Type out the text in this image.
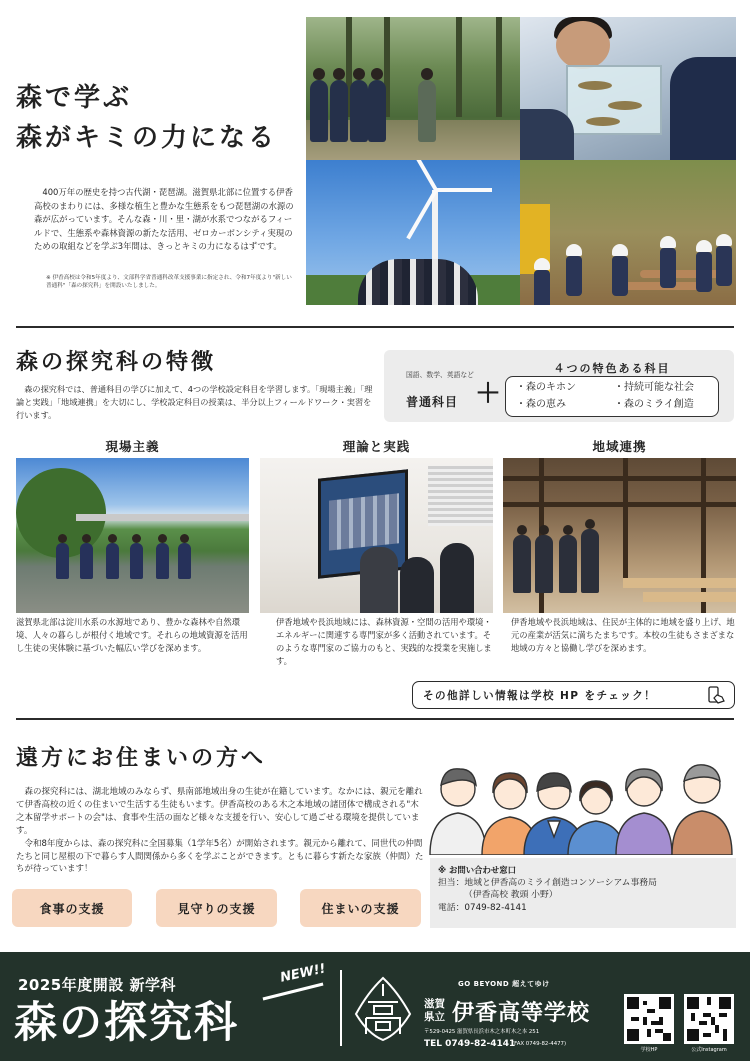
森で学ぶ
森がキミの力になる

400万年の歴史を持つ古代湖・琵琶湖。滋賀県北部に位置する伊香高校のまわりには、多様な植生と豊かな生態系をもつ琵琶湖の水源の森が広がっています。そんな森・川・里・湖が水系でつながるフィールドで、生態系や森林資源の新たな活用、ゼロカーボンシティ実現のための取組などを学ぶ3年間は、きっとキミの力になるはずです。

※ 伊香高校は令和5年度より、文部科学省普通科改革支援事業に指定され、令和7年度より"新しい普通科"「森の探究科」を開設いたしました。

森の探究科の特徴

森の探究科では、普通科目の学びに加えて、4つの学校設定科目を学習します。「現場主義」「理論と実践」「地域連携」を大切にし、学校設定科目の授業は、半分以上フィールドワーク・実習を行います。

国語、数学、英語など
普通科目 ＋
４つの特色ある科目
・森のキホン	・持続可能な社会
・森の恵み	・森のミライ創造
現場主義	理論と実践	地域連携

滋賀県北部は淀川水系の水源地であり、豊かな森林や自然環境、人々の暮らしが根付く地域です。それらの地域資源を活用し生徒の実体験に基づいた幅広い学びを深めます。

伊香地域や長浜地域には、森林資源・空間の活用や環境・エネルギーに関連する専門家が多く活動されています。そのような専門家のご協力のもと、実践的な授業を実施します。

伊香地域や長浜地域は、住民が主体的に地域を盛り上げ、地元の産業が活気に満ちたまちです。本校の生徒もさまざまな地域の方々と協働し学びを深めます。

その他詳しい情報は学校 HP をチェック！
遠方にお住まいの方へ

森の探究科には、湖北地域のみならず、県南部地域出身の生徒が在籍しています。なかには、親元を離れて伊香高校の近くの住まいで生活する生徒もいます。伊香高校のある木之本地域の諸団体で構成される"木之本留学サポートの会"は、食事や生活の面など様々な支援を行い、安心して過ごせる環境を提供しています。

令和8年度からは、森の探究科に全国募集（1学年5名）が開始されます。親元から離れて、同世代の仲間たちと同じ屋根の下で暮らす人間関係から多くを学ぶことができます。ともに暮らす新たな家族（仲間）たちが待っています！

食事の支援	見守りの支援	住まいの支援
※ お問い合わせ窓口
担当：地域と伊香高のミライ創造コンソーシアム事務局
（伊香高校 教頭 小野）
電話：0749-82-4141
2025年度開設 新学科
森の探究科
NEW!!	GO BEYOND 超えてゆけ
滋賀県立 伊香高等学校
〒529-0425 滋賀県長浜市木之本町木之本 251
TEL 0749-82-4141
(FAX 0749-82-4477)
学校HP	公式Instagram
